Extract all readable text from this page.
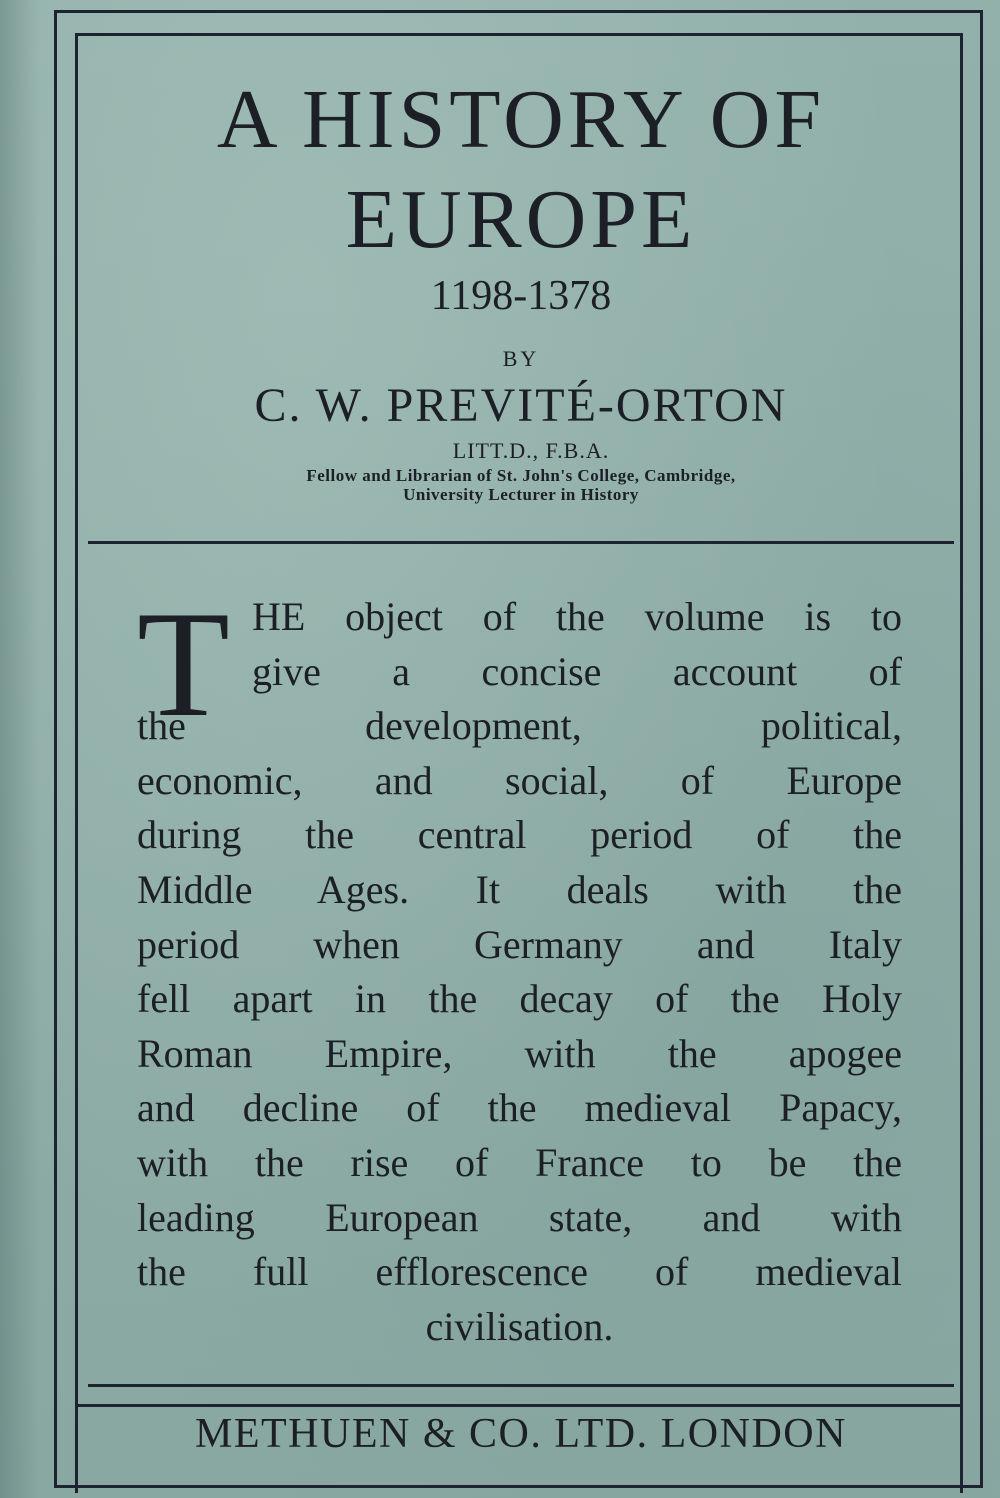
A HISTORY OF
EUROPE
1198-1378
BY
C. W. PREVITÉ-ORTON
LITT.D., F.B.A.
Fellow and Librarian of St. John's College, Cambridge,
University Lecturer in History
T HE object of the volume is to
give a concise account of
the development, political,
economic, and social, of Europe
during the central period of the
Middle Ages. It deals with the
period when Germany and Italy
fell apart in the decay of the Holy
Roman Empire, with the apogee
and decline of the medieval Papacy,
with the rise of France to be the
leading European state, and with
the full efflorescence of medieval
civilisation.
METHUEN & CO. LTD. LONDON
